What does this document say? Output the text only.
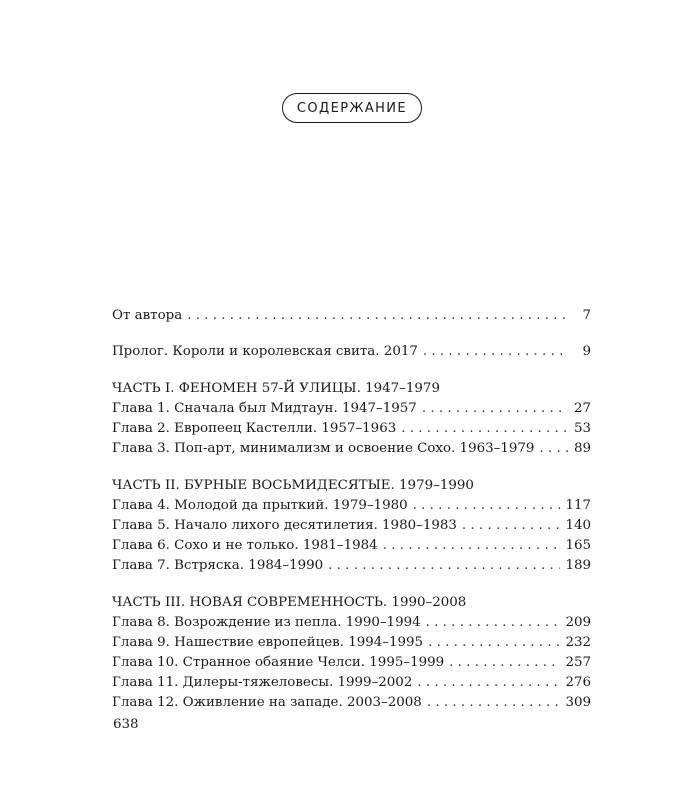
СОДЕРЖАНИЕ
От автора . . .	7
Пролог. Короли и королевская свита. 2017 . . .	9
ЧАСТЬ I. ФЕНОМЕН 57-Й УЛИЦЫ. 1947–1979
Глава 1. Сначала был Мидтаун. 1947–1957 . . .	27
Глава 2. Европеец Кастелли. 1957–1963 . . .	53
Глава 3. Поп-арт, минимализм и освоение Сохо. 1963–1979 . . .	89
ЧАСТЬ II. БУРНЫЕ ВОСЬМИДЕСЯТЫЕ. 1979–1990
Глава 4. Молодой да прыткий. 1979–1980 . . .	117
Глава 5. Начало лихого десятилетия. 1980–1983 . . .	140
Глава 6. Сохо и не только. 1981–1984 . . .	165
Глава 7. Встряска. 1984–1990 . . .	189
ЧАСТЬ III. НОВАЯ СОВРЕМЕННОСТЬ. 1990–2008
Глава 8. Возрождение из пепла. 1990–1994 . . .	209
Глава 9. Нашествие европейцев. 1994–1995 . . .	232
Глава 10. Странное обаяние Челси. 1995–1999 . . .	257
Глава 11. Дилеры-тяжеловесы. 1999–2002 . . .	276
Глава 12. Оживление на западе. 2003–2008 . . .	309
638
